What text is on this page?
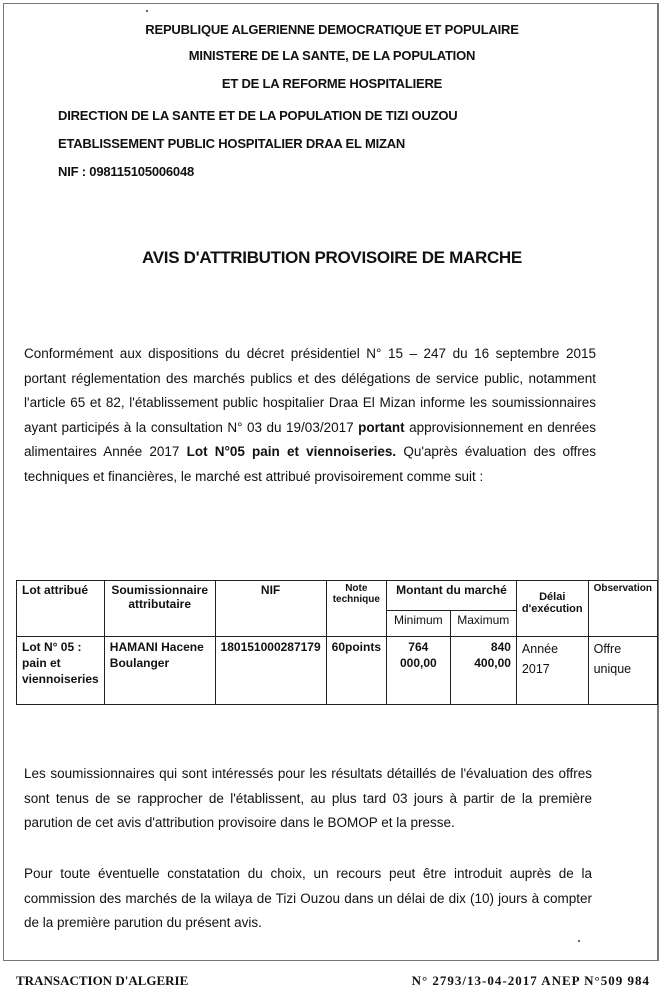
REPUBLIQUE ALGERIENNE DEMOCRATIQUE ET POPULAIRE
MINISTERE DE LA SANTE, DE LA POPULATION
ET DE LA REFORME HOSPITALIERE
DIRECTION DE LA SANTE ET DE LA POPULATION DE TIZI OUZOU
ETABLISSEMENT PUBLIC HOSPITALIER DRAA EL MIZAN
NIF : 098115105006048
AVIS D'ATTRIBUTION PROVISOIRE DE MARCHE
Conformément aux dispositions du décret présidentiel N° 15 – 247 du 16 septembre 2015 portant réglementation des marchés publics et des délégations de service public, notamment l'article 65 et 82, l'établissement public hospitalier Draa El Mizan informe les soumissionnaires ayant participés à la consultation N° 03 du 19/03/2017 portant approvisionnement en denrées alimentaires Année 2017 Lot N°05 pain et viennoiseries. Qu'après évaluation des offres techniques et financières, le marché est attribué provisoirement comme suit :
Lot attribué	Soumissionnaire attributaire	NIF	Note technique	Montant du marché		Délai d'exécution	Observation
				Minimum	Maximum		
Lot N° 05 : pain et viennoiseries	HAMANI Hacene Boulanger	180151000287179	60points	764 000,00	840 400,00	Année 2017	Offre unique
Les soumissionnaires qui sont intéressés pour les résultats détaillés de l'évaluation des offres sont tenus de se rapprocher de l'établissent, au plus tard 03 jours à partir de la première parution de cet avis d'attribution provisoire dans le BOMOP et la presse.
Pour toute éventuelle constatation du choix, un recours peut être introduit auprès de la commission des marchés de la wilaya de Tizi Ouzou dans un délai de dix (10) jours à compter de la première parution du présent avis.
TRANSACTION D'ALGERIE	N° 2793/13-04-2017 ANEP N°509 984
